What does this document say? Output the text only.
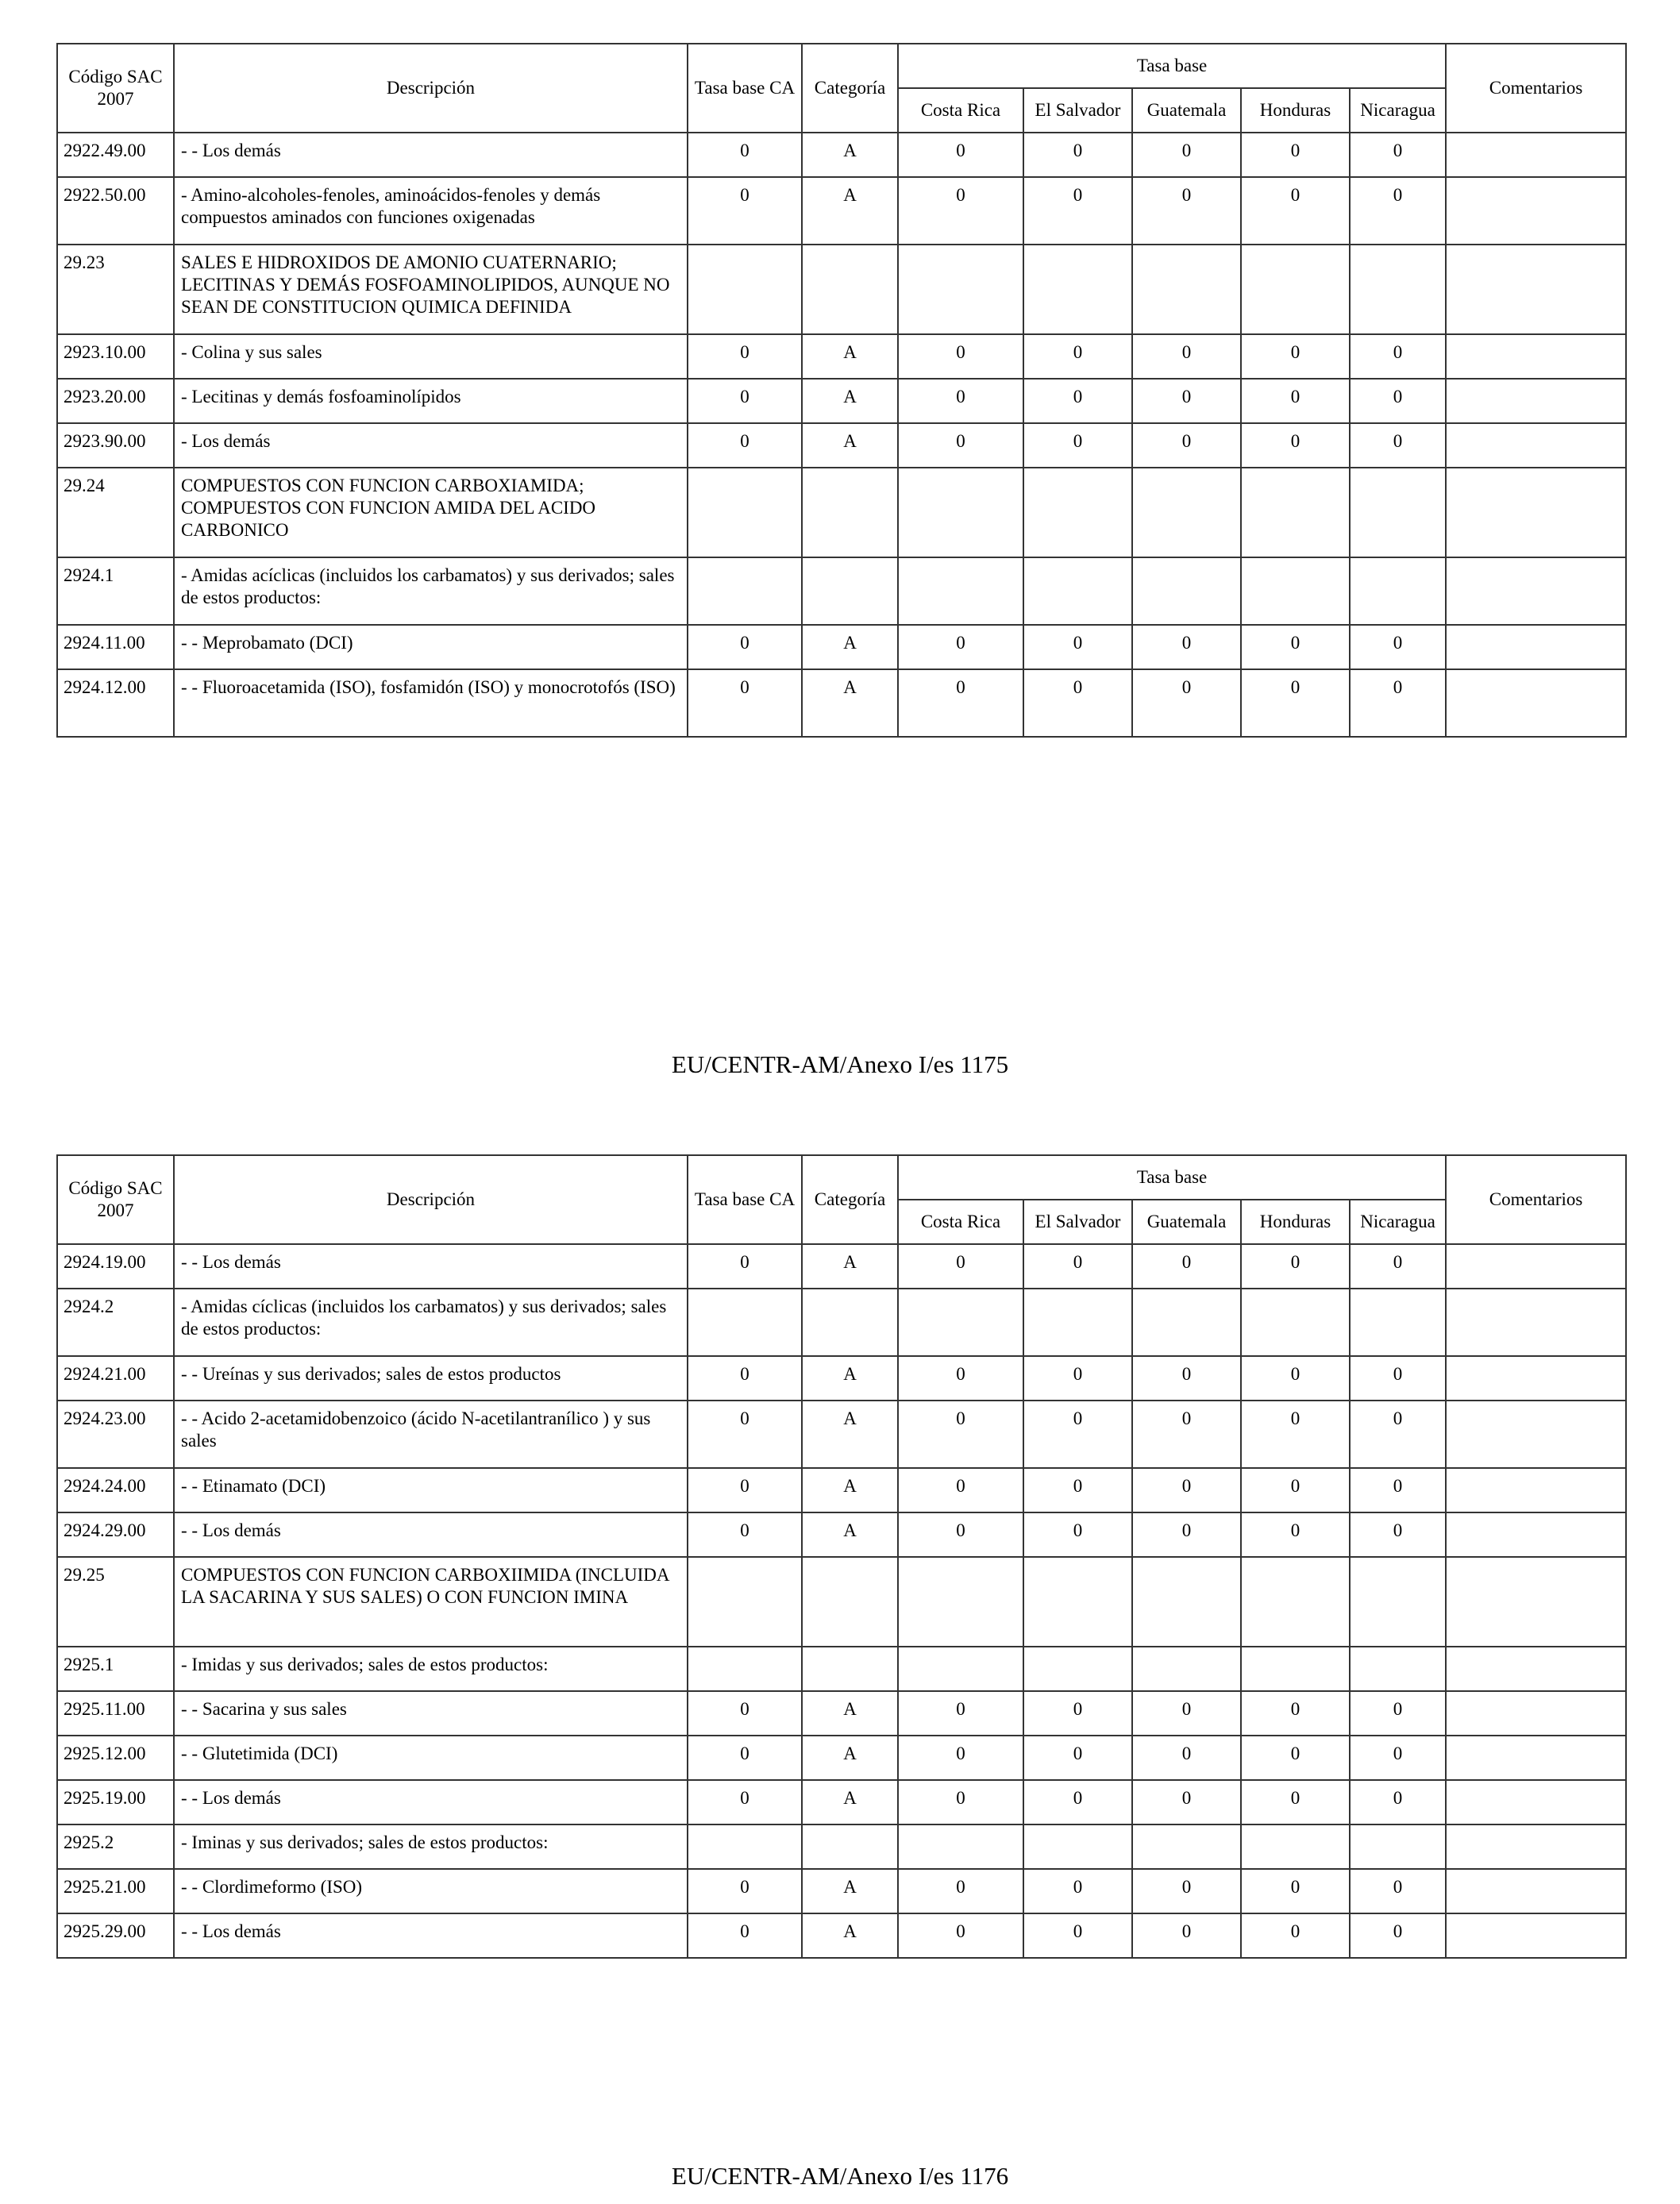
Código SAC 2007	Descripción	Tasa base CA	Categoría	Tasa base					Comentarios
				Costa Rica	El Salvador	Guatemala	Honduras	Nicaragua	
2922.49.00	- - Los demás	0	A	0	0	0	0	0	
2922.50.00	- Amino-alcoholes-fenoles, aminoácidos-fenoles y demás compuestos aminados con funciones oxigenadas	0	A	0	0	0	0	0	
29.23	SALES E HIDROXIDOS DE AMONIO CUATERNARIO; LECITINAS Y DEMÁS FOSFOAMINOLIPIDOS, AUNQUE NO SEAN DE CONSTITUCION QUIMICA DEFINIDA								
2923.10.00	- Colina y sus sales	0	A	0	0	0	0	0	
2923.20.00	- Lecitinas y demás fosfoaminolípidos	0	A	0	0	0	0	0	
2923.90.00	- Los demás	0	A	0	0	0	0	0	
29.24	COMPUESTOS CON FUNCION CARBOXIAMIDA; COMPUESTOS CON FUNCION AMIDA DEL ACIDO CARBONICO								
2924.1	- Amidas acíclicas (incluidos los carbamatos) y sus derivados; sales de estos productos:								
2924.11.00	- - Meprobamato (DCI)	0	A	0	0	0	0	0	
2924.12.00	- - Fluoroacetamida (ISO), fosfamidón (ISO) y monocrotofós (ISO)	0	A	0	0	0	0	0	
EU/CENTR-AM/Anexo I/es 1175
Código SAC 2007	Descripción	Tasa base CA	Categoría	Tasa base					Comentarios
				Costa Rica	El Salvador	Guatemala	Honduras	Nicaragua	
2924.19.00	- - Los demás	0	A	0	0	0	0	0	
2924.2	- Amidas cíclicas (incluidos los carbamatos) y sus derivados; sales de estos productos:								
2924.21.00	- - Ureínas y sus derivados; sales de estos productos	0	A	0	0	0	0	0	
2924.23.00	- - Acido 2-acetamidobenzoico (ácido N-acetilantranílico ) y sus sales	0	A	0	0	0	0	0	
2924.24.00	- - Etinamato (DCI)	0	A	0	0	0	0	0	
2924.29.00	- - Los demás	0	A	0	0	0	0	0	
29.25	COMPUESTOS CON FUNCION CARBOXIIMIDA (INCLUIDA LA SACARINA Y SUS SALES) O CON FUNCION IMINA								
2925.1	- Imidas y sus derivados; sales de estos productos:								
2925.11.00	- - Sacarina y sus sales	0	A	0	0	0	0	0	
2925.12.00	- - Glutetimida (DCI)	0	A	0	0	0	0	0	
2925.19.00	- - Los demás	0	A	0	0	0	0	0	
2925.2	- Iminas y sus derivados; sales de estos productos:								
2925.21.00	- - Clordimeformo (ISO)	0	A	0	0	0	0	0	
2925.29.00	- - Los demás	0	A	0	0	0	0	0	
EU/CENTR-AM/Anexo I/es 1176
